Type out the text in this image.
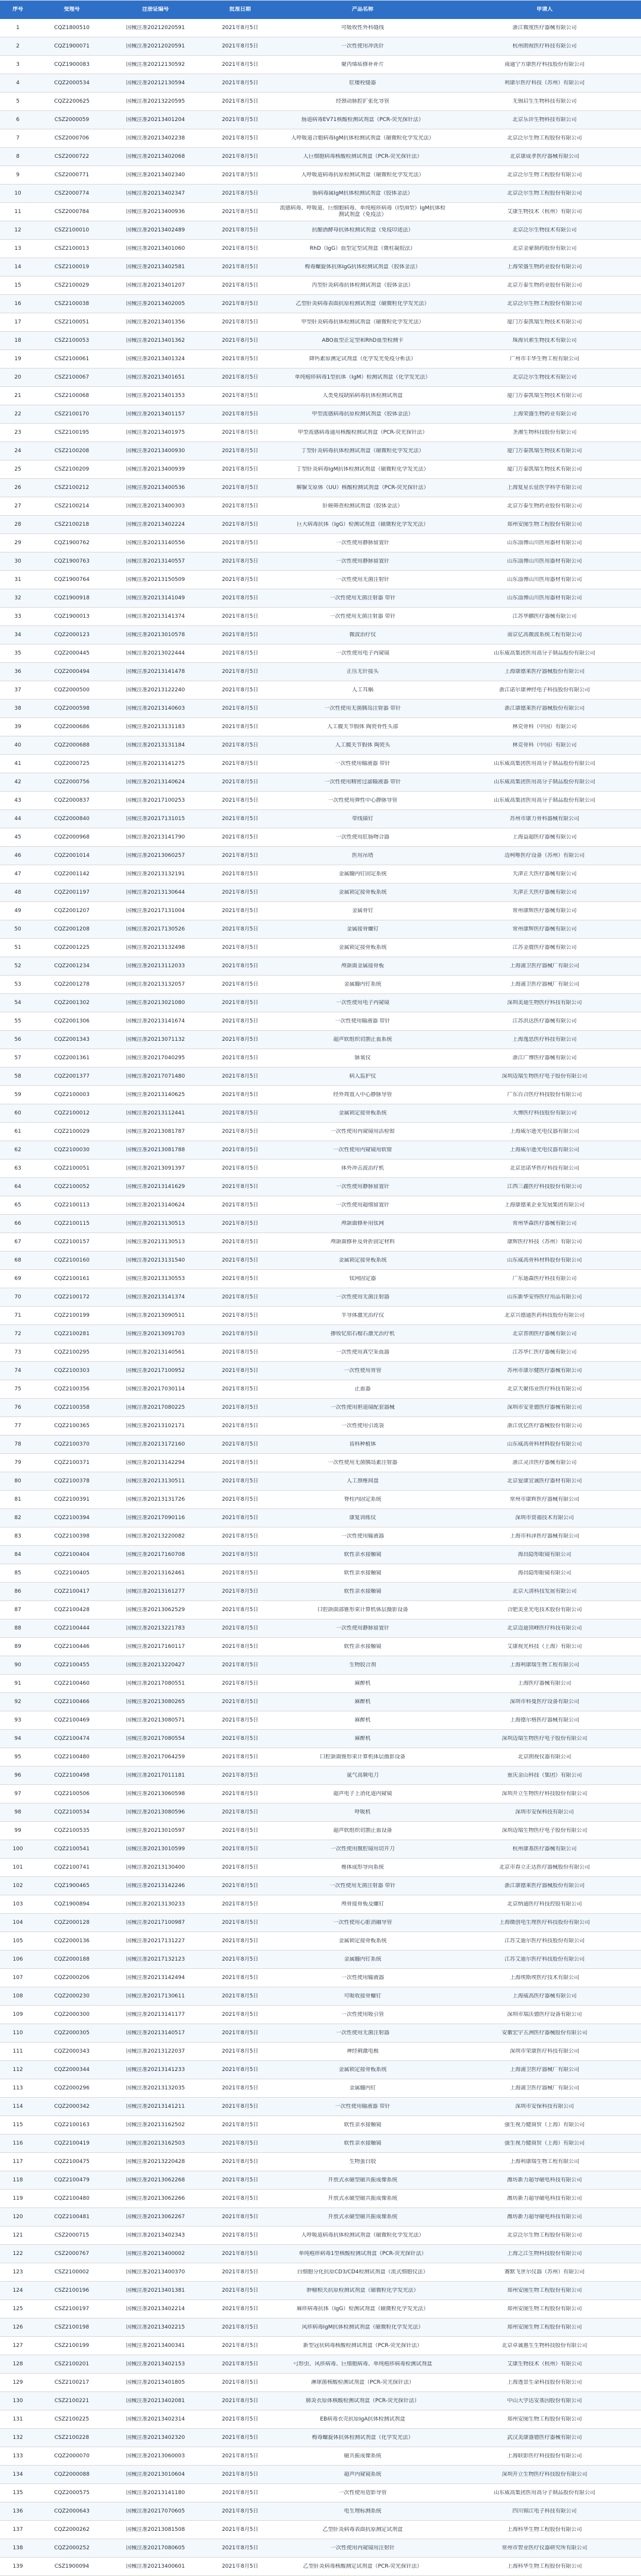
序号	受理号	注册证编号	批准日期	产品名称	申请人
1	CQZ1800510	国械注准20212020591	2021年8月5日	可吸收性外科缝线	浙江微度医疗器械有限公司
2	CQZ1900071	国械注准20212020591	2021年8月5日	一次性使用冲洗针	杭州朗视医疗科技有限公司
3	CQZ1900083	国械注准20212130592	2021年8月5日	聚丙烯疝修补补片	南通宁方康医疗科技股份有限公司
4	CQZ2000534	国械注准20212130594	2021年8月5日	肛瘘栓缝器	利康尔医疗科技（苏州）有限公司
5	CQZ2200625	国械注准20213220595	2021年8月5日	经颈动脉腔扩张化导管	无锡启生生物科技有限公司
6	CSZ2000059	国械注准20213401204	2021年8月5日	肠道病毒EV71核酸检测试剂盒（PCR-荧光探针法）	北京乐诊生物科技有限公司
7	CSZ2000706	国械注准20213402238	2021年8月5日	人呼吸道合胞病毒IgM抗体检测试剂盒（磁微粒化学发光法）	北京泛尔生物工程股份有限公司
8	CSZ2000722	国械注准20213402068	2021年8月5日	人巨细胞病毒核酸检测试剂盒（PCR-荧光探针法）	北京康成孝医疗器械有限公司
9	CSZ2000771	国械注准20213402340	2021年8月5日	人呼吸道病毒抗原检测试剂盒（磁微粒化学发光法）	北京泛尔生物工程股份有限公司
10	CSZ2000774	国械注准20213402347	2021年8月5日	肠病毒属IgM抗体检测试剂盒（胶体金法）	北京泛尔生物工程股份有限公司
11	CSZ2000784	国械注准20213400936	2021年8月5日
流感病毒、呼吸道、巨细胞病毒、单纯疱疹病毒（I型/II型）IgM抗体检测试剂盒（免疫法）
艾康生物技术（杭州）有限公司
12	CSZ2100010	国械注准20213402489	2021年8月5日	抗酿酒酵母抗体检测试剂盒（免疫印迹法）	北京泛尔生物技术有限公司
13	CSZ2100013	国械注准20213401060	2021年8月5日	RhD（IgG）血型定型试剂盒（微柱凝胶法）	北京金豪制药股份有限公司
14	CSZ2100019	国械注准20213402581	2021年8月5日	梅毒螺旋体抗体IgG抗体检测试剂盒（胶体金法）	上海荣盛生物药业股份有限公司
15	CSZ2100029	国械注准20213401207	2021年8月5日	丙型肝炎病毒抗体检测试剂盒（胶体金法）	北京万泰生物药业股份有限公司
16	CSZ2100038	国械注准20213402005	2021年8月5日	乙型肝炎病毒表面抗原检测试剂盒（磁微粒化学发光法）	北京泛尔生物工程股份有限公司
17	CSZ2100051	国械注准20213401356	2021年8月5日	甲型肝炎病毒抗体检测试剂盒（磁微粒化学发光法）	厦门万泰凯瑞生物技术有限公司
18	CSZ2100053	国械注准20213401362	2021年8月5日	ABO血型正定型和RhD血型检测卡	珠海贝索生物技术有限公司
19	CSZ2100061	国械注准20213401324	2021年8月5日	降钙素原测定试剂盒（化学发光免疫分析法）	广州市丰华生物工程有限公司
20	CSZ2100067	国械注准20213401651	2021年8月5日	单纯疱疹病毒1型抗体（IgM）检测试剂盒（化学发光法）	北京泛尔生物技术有限公司
21	CSZ2100068	国械注准20213401353	2021年8月5日	人类免疫缺陷病毒抗体检测试剂盒	厦门万泰凯瑞生物技术有限公司
22	CSZ2100170	国械注准20213401157	2021年8月5日	甲型流感病毒抗原检测试剂盒（胶体金法）	上海荣盛生物药业有限公司
23	CSZ2100195	国械注准20213401975	2021年8月5日	甲型流感病毒通用核酸检测试剂盒（PCR-荧光探针法）	圣湘生物科技股份有限公司
24	CSZ2100208	国械注准20213400930	2021年8月5日	丁型肝炎病毒抗体检测试剂盒（磁微粒化学发光法）	厦门万泰凯瑞生物技术有限公司
25	CSZ2100209	国械注准20213400939	2021年8月5日	丁型肝炎病毒IgM抗体检测试剂盒（磁微粒化学发光法）	厦门万泰凯瑞生物技术有限公司
26	CSZ2100212	国械注准20213400536	2021年8月5日	解脲支原体（UU）核酸检测试剂盒（PCR-荧光探针法）	上海复星长征医学科学有限公司
27	CSZ2100214	国械注准20213400303	2021年8月5日	肝癌筛查检测试剂盒（胶体金法）	北京万泰生物药业股份有限公司
28	CSZ2100218	国械注准20213402224	2021年8月5日	巨大病毒抗体（IgG）检测试剂盒（磁微粒化学发光法）	郑州安图生物工程股份有限公司
29	CQZ1900762	国械注准20213140556	2021年8月5日	一次性使用静脉留置针	山东淄博山川医用器材有限公司
30	CQZ1900763	国械注准20213140557	2021年8月5日	一次性使用静脉留置针	山东淄博山川医用器材有限公司
31	CQZ1900764	国械注准20213150509	2021年8月5日	一次性使用无菌注射针	山东淄博山川医用器材有限公司
32	CQZ1900918	国械注准20213141049	2021年8月5日	一次性使用无菌注射器 带针	山东淄博山川医用器材有限公司
33	CQZ1900013	国械注准20213141374	2021年8月5日	一次性使用无菌注射器 带针	江苏华鹏医疗器械有限公司
34	CQZ2000123	国械注准20213010578	2021年8月5日	微波治疗仪	南京亿高微波系统工程有限公司
35	CQZ2000445	国械注准20213022444	2021年8月5日	一次性使用电子内窥镜	山东威高集团医用高分子制品股份有限公司
36	CQZ2000494	国械注准20213141478	2021年8月5日	正压无针接头	上海康德莱医疗器械股份有限公司
37	CQZ2000500	国械注准20213122240	2021年8月5日	人工耳蜗	浙江诺尔康神经电子科技股份有限公司
38	CQZ2000598	国械注准20213140603	2021年8月5日	一次性使用无菌胰岛注射器 带针	浙江康德莱医疗器械股份有限公司
39	CQZ2000686	国械注准20213131183	2021年8月5日	人工髋关节假体 陶瓷骨性头部	林克骨科（中国）有限公司
40	CQZ2000688	国械注准20213131184	2021年8月5日	人工髋关节假体 陶瓷头	林克骨科（中国）有限公司
41	CQZ2000725	国械注准20213141275	2021年8月5日	一次性使用输液器 带针	山东威高集团医用高分子制品股份有限公司
42	CQZ2000756	国械注准20213140624	2021年8月5日	一次性使用精密过滤输液器 带针	山东威高集团医用高分子制品股份有限公司
43	CQZ2000837	国械注准20217100253	2021年8月5日	一次性使用弹性中心静脉导管	山东威高集团医用高分子制品股份有限公司
44	CQZ2000840	国械注准20217131015	2021年8月5日	带线锚钉	苏州市康力骨科器械有限公司
45	CQZ2000968	国械注准20213141790	2021年8月5日	一次性使用肛肠吻合器	上海益超医疗器械有限公司
46	CQZ2001014	国械注准20213060257	2021年8月5日	医用吊塔	迈柯唯医疗设备（苏州）有限公司
47	CQZ2001142	国械注准20213132191	2021年8月5日	金属髓内钉固定系统	天津正天医疗器械有限公司
48	CQZ2001197	国械注准20213130644	2021年8月5日	金属锁定接骨板系统	天津正天医疗器械有限公司
49	CQZ2001207	国械注准20217131004	2021年8月5日	金属骨钉	常州康辉医疗器械有限公司
50	CQZ2001208	国械注准20217130526	2021年8月5日	金属接骨螺钉	常州康辉医疗器械有限公司
51	CQZ2001225	国械注准20213132498	2021年8月5日	金属锁定接骨板系统	江苏金鹿医疗器械有限公司
52	CQZ2001234	国械注准20213112033	2021年8月5日	颅颌面金属接骨板	上海浦卫医疗器械厂有限公司
53	CQZ2001278	国械注准20213132057	2021年8月5日	金属髓内钉系统	上海浦卫医疗器械厂有限公司
54	CQZ2001302	国械注准20213021080	2021年8月5日	一次性使用电子内窥镜	深圳美迪生物医疗科技有限公司
55	CQZ2001306	国械注准20213141674	2021年8月5日	一次性使用输液器 带针	江苏洪达医疗器械有限公司
56	CQZ2001343	国械注准20213071132	2021年8月5日	超声软组织切割止血系统	上海逸思医疗科技有限公司
57	CQZ2001361	国械注准20217040295	2021年8月5日	脉氧仪	浙江广博医疗器械有限公司
58	CQZ2001377	国械注准20217071480	2021年8月5日	病人监护仪	深圳迈瑞生物医疗电子股份有限公司
59	CQZ2100003	国械注准20213140625	2021年8月5日	经外周置入中心静脉导管	广东百合医疗科技股份有限公司
60	CQZ2100012	国械注准20213112441	2021年8月5日	金属锁定接骨板系统	大博医疗科技股份有限公司
61	CQZ2100029	国械注准20213081787	2021年8月5日	一次性使用内窥镜用活检钳	上海威尔逊光电仪器有限公司
62	CQZ2100030	国械注准20213081788	2021年8月5日	一次性使用内窥镜用软钳	上海威尔逊光电仪器有限公司
63	CQZ2100051	国械注准20213091397	2021年8月5日	体外冲击波治疗机	北京思诺华医疗科技有限公司
64	CQZ2100052	国械注准20213141629	2021年8月5日	一次性使用静脉留置针	江西三鑫医疗科技股份有限公司
65	CQZ2100113	国械注准20213140624	2021年8月5日	一次性使用超细留置针	上海康德莱企业发展集团有限公司
66	CQZ2100115	国械注准20213130513	2021年8月5日	颅颌面修补用钛网	常州华森医疗器械有限公司
67	CQZ2100157	国械注准20213130513	2021年8月5日	颅颌面修补及骨折固定材料	康辉医疗科技（苏州）有限公司
68	CQZ2100160	国械注准20213131540	2021年8月5日	金属锁定接骨板系统	山东威高骨科材料股份有限公司
69	CQZ2100161	国械注准20213130553	2021年8月5日	钛网固定器	广东迪森医疗科技有限公司
70	CQZ2100172	国械注准20213141374	2021年8月5日	一次性使用无菌注射器	山东新华安得医疗用品有限公司
71	CQZ2100199	国械注准20213090511	2021年8月5日	半导体激光治疗仪	北京兴德通医药科技股份有限公司
72	CQZ2100281	国械注准20213091703	2021年8月5日	掺钕钇铝石榴石激光治疗机	北京普朗医疗器械有限公司
73	CQZ2100295	国械注准20213140561	2021年8月5日	一次性使用真空采血器	江苏华仁医疗器械有限公司
74	CQZ2100303	国械注准20217100952	2021年8月5日	一次性使用胃管	苏州市康尔健医疗器械有限公司
75	CQZ2100356	国械注准20217030114	2021年8月5日	止血器	北京天聚伟业医疗科技有限公司
76	CQZ2100358	国械注准20217080225	2021年8月5日	一次性使用胆道镜配套器械	深圳市安亚德医疗器械有限公司
77	CQZ2100365	国械注准20213102171	2021年8月5日	一次性使用引流袋	浙江优亿医疗器械股份有限公司
78	CQZ2100370	国械注准20213172160	2021年8月5日	齿科种植体	山东威高骨科材料股份有限公司
79	CQZ2100371	国械注准20213142294	2021年8月5日	一次性使用无菌胰岛素注射器	浙江灵洋医疗器械有限公司
80	CQZ2100378	国械注准20213130511	2021年8月5日	人工颈椎间盘	北京爱康宜诚医疗器材有限公司
81	CQZ2100391	国械注准20213131726	2021年8月5日	脊柱内固定系统	常州市康辉医疗器械有限公司
82	CQZ2100394	国械注准20217090116	2021年8月5日	康复训练仪	深圳市资福技术有限公司
83	CQZ2100398	国械注准20213220082	2021年8月5日	一次性使用输液器	上海市科泽医疗器械有限公司
84	CQZ2100404	国械注准20217160708	2021年8月5日	软性亲水接触镜	海昌隐形眼镜有限公司
85	CQZ2100405	国械注准20213162461	2021年8月5日	软性亲水接触镜	海昌隐形眼镜有限公司
86	CQZ2100417	国械注准20213161277	2021年8月5日	软性亲水接触镜	北京大清科技发展有限公司
87	CQZ2100428	国械注准20213062529	2021年8月5日	口腔颌面部锥形束计算机体层摄影设备	合肥美亚光电技术股份有限公司
88	CQZ2100444	国械注准20213221783	2021年8月5日	一次性使用静脉留置针	北京迈迪顶峰医疗科技有限公司
89	CQZ2100446	国械注准20217160117	2021年8月5日	软性亲水接触镜	艾康视光科技（上海）有限公司
90	CQZ2100455	国械注准20213220427	2021年8月5日	生物胶合剂	上海利康瑞生物工程有限公司
91	CQZ2100460	国械注准20217080551	2021年8月5日	麻醉机	上海医疗器械有限公司
92	CQZ2100466	国械注准20213080265	2021年8月5日	麻醉机	深圳市科曼医疗设备有限公司
93	CQZ2100469	国械注准20213080571	2021年8月5日	麻醉机	上海德尔格医疗器械有限公司
94	CQZ2100474	国械注准20217080554	2021年8月5日	麻醉机	深圳迈瑞生物医疗电子股份有限公司
95	CQZ2100480	国械注准20217064259	2021年8月5日	口腔颌面锥形束计算机体层摄影设备	北京朗视仪器有限公司
96	CQZ2100498	国械注准20217011181	2021年8月5日	氩气高频电刀	重庆金山科技（集团）有限公司
97	CQZ2100506	国械注准20213060598	2021年8月5日	超声电子上消化道内窥镜	深圳开立生物医疗科技股份有限公司
98	CQZ2100534	国械注准20213080596	2021年8月5日	呼吸机	深圳市安保科技有限公司
99	CQZ2100535	国械注准20213010597	2021年8月5日	超声软组织切割止血设备	深圳迈瑞生物医疗电子股份有限公司
100	CQZ2100541	国械注准20213010599	2021年8月5日	一次性使用腹腔镜用切开刀	杭州康基医疗器械有限公司
101	CQZ2100741	国械注准20213130400	2021年8月5日	椎体成形导向系统	北京市春立正达医疗器械股份有限公司
102	CQZ1900465	国械注准20213142246	2021年8月5日	一次性使用无菌注射器 带针	浙江康德莱医疗器械股份有限公司
103	CQZ1900894	国械注准20213130233	2021年8月5日	颅骨接骨板及螺钉	北京纳通医疗科技控股有限公司
104	CQZ2000128	国械注准20217100987	2021年8月5日	一次性使用心脏消融导管	上海微创电生理医疗科技股份有限公司
105	CQZ2000136	国械注准20217131227	2021年8月5日	金属锁定接骨板系统	江苏艾迪尔医疗科技股份有限公司
106	CQZ2000188	国械注准20217132123	2021年8月5日	金属髓内钉系统	江苏艾迪尔医疗科技股份有限公司
107	CQZ2000206	国械注准20213142494	2021年8月5日	一次性使用输液器	上海埃斯埃医疗技术有限公司
108	CQZ2000230	国械注准20217130611	2021年8月5日	可吸收接骨螺钉	上海威高医疗器械有限公司
109	CQZ2000300	国械注准20213141177	2021年8月5日	一次性使用吸引管	深圳市瑞沃德医疗设备有限公司
110	CQZ2000305	国械注准20213140517	2021年8月5日	一次性使用无菌注射器	安徽宏宇五洲医疗器械股份有限公司
111	CQZ2000343	国械注准20213122037	2021年8月5日	神经刺激电极	深圳市荣康医疗科技有限公司
112	CQZ2000344	国械注准20213141233	2021年8月5日	金属锁定接骨板系统	上海浦卫医疗器械厂有限公司
113	CQZ2000296	国械注准20213132035	2021年8月5日	金属髓内钉	上海浦卫医疗器械厂有限公司
114	CQZ2000342	国械注准20213141211	2021年8月5日	一次性使用输液器 带针	深圳市安保科技有限公司
115	CQZ2100163	国械注准20213162502	2021年8月5日	软性亲水接触镜	强生视力健商贸（上海）有限公司
116	CQZ2100419	国械注准20213162503	2021年8月5日	软性亲水接触镜	强生视力健商贸（上海）有限公司
117	CQZ2100475	国械注准20213220428	2021年8月5日	生物蛋白胶	上海利康瑞生物工程有限公司
118	CQZ2100479	国械注准20213062268	2021年8月5日	开放式永磁型磁共振成像系统	潍坊新力超导磁电科技有限公司
119	CQZ2100480	国械注准20213062266	2021年8月5日	开放式永磁型磁共振成像系统	潍坊新力超导磁电科技有限公司
120	CQZ2100481	国械注准20213062267	2021年8月5日	开放式永磁型磁共振成像系统	潍坊新力超导磁电科技有限公司
121	CSZ2000715	国械注准20213402343	2021年8月5日	人呼吸道病毒抗体检测试剂盒（磁微粒化学发光法）	北京泛尔生物工程股份有限公司
122	CSZ2000767	国械注准20213400002	2021年8月5日	单纯疱疹病毒1型核酸检测试剂盒（PCR-荧光探针法）	上海之江生物科技股份有限公司
123	CSZ2100002	国械注准20213400370	2021年8月5日	白细胞分化抗原CD3/CD4检测试剂盒（流式细胞仪法）	赛默飞世尔仪器（苏州）有限公司
124	CSZ2100196	国械注准20213401381	2021年8月5日	肿瘤相关抗原检测试剂盒（磁微粒化学发光法）	郑州安图生物工程股份有限公司
125	CSZ2100197	国械注准20213402214	2021年8月5日	麻疹病毒抗体（IgG）检测试剂盒（磁微粒化学发光法）	郑州安图生物工程股份有限公司
126	CSZ2100198	国械注准20213402215	2021年8月5日	风疹病毒IgM抗体检测试剂盒（磁微粒化学发光法）	郑州安图生物工程股份有限公司
127	CSZ2100199	国械注准20213400341	2021年8月5日	新型冠状病毒核酸检测试剂盒（PCR-荧光探针法）	北京卓诚惠生生物科技股份有限公司
128	CSZ2100201	国械注准20213402153	2021年8月5日	弓形虫、风疹病毒、巨细胞病毒、单纯疱疹病毒检测试剂盒	艾康生物技术（杭州）有限公司
129	CSZ2100217	国械注准20213401805	2021年8月5日	淋球菌核酸检测试剂盒（PCR-荧光探针法）	上海透景生命科技股份有限公司
130	CSZ2100221	国械注准20213402081	2021年8月5日	肺炎衣原体核酸检测试剂盒（PCR-荧光探针法）	中山大学达安基因股份有限公司
131	CSZ2100225	国械注准20213402314	2021年8月5日	EB病毒衣壳抗原IgA抗体检测试剂盒	郑州安图生物工程股份有限公司
132	CSZ2100228	国械注准20213402320	2021年8月5日	梅毒螺旋体抗体检测试剂盒（化学发光法）	武汉美康盛德医疗器械有限公司
133	CQZ2000070	国械注准20213060003	2021年8月5日	磁共振成像系统	上海联影医疗科技股份有限公司
134	CQZ2000088	国械注准20213010604	2021年8月5日	超声内窥镜系统	深圳开立生物医疗科技股份有限公司
135	CQZ2000575	国械注准20213141180	2021年8月5日	一次性使用造影导管	山东威高集团医用高分子制品股份有限公司
136	CQZ2000643	国械注准20217070605	2021年8月5日	电生理标测系统	四川锦江电子科技有限公司
137	CQZ2000262	国械注准20213081508	2021年8月5日	乙型肝炎病毒表面抗原测定试剂盒	上海科华生物工程股份有限公司
138	CQZ2000252	国械注准20217080605	2021年8月5日	一次性使用内窥镜用注射针	常州市智业医疗仪器研究所有限公司
139	CSZ1900094	国械注准20213400601	2021年8月5日	乙型肝炎病毒核酸测定试剂盒（PCR-荧光探针法）	上海科华生物工程股份有限公司
